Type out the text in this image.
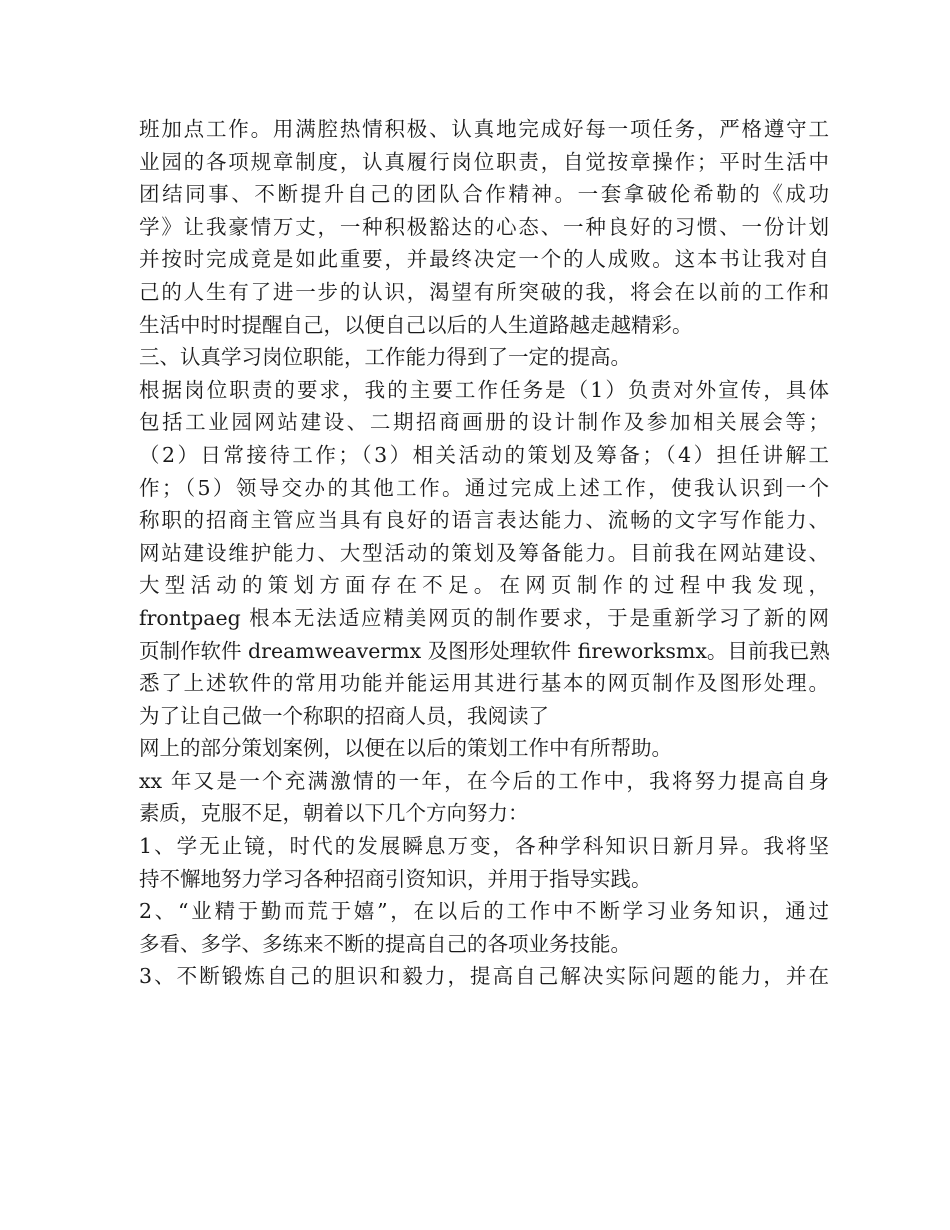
班加点工作。用满腔热情积极、认真地完成好每一项任务，严格遵守工
业园的各项规章制度，认真履行岗位职责，自觉按章操作；平时生活中
团结同事、不断提升自己的团队合作精神。一套拿破伦希勒的《成功
学》让我豪情万丈，一种积极豁达的心态、一种良好的习惯、一份计划
并按时完成竟是如此重要，并最终决定一个的人成败。这本书让我对自
己的人生有了进一步的认识，渴望有所突破的我，将会在以前的工作和
生活中时时提醒自己，以便自己以后的人生道路越走越精彩。
三、认真学习岗位职能，工作能力得到了一定的提高。
根据岗位职责的要求，我的主要工作任务是（1）负责对外宣传，具体
包括工业园网站建设、二期招商画册的设计制作及参加相关展会等；
（2）日常接待工作；（3）相关活动的策划及筹备；（4）担任讲解工
作；（5）领导交办的其他工作。通过完成上述工作，使我认识到一个
称职的招商主管应当具有良好的语言表达能力、流畅的文字写作能力、
网站建设维护能力、大型活动的策划及筹备能力。目前我在网站建设、
大型活动的策划方面存在不足。在网页制作的过程中我发现，
frontpaeg 根本无法适应精美网页的制作要求，于是重新学习了新的网
页制作软件 dreamweavermx 及图形处理软件 fireworksmx。目前我已熟
悉了上述软件的常用功能并能运用其进行基本的网页制作及图形处理。
为了让自己做一个称职的招商人员，我阅读了
网上的部分策划案例，以便在以后的策划工作中有所帮助。
xx 年又是一个充满激情的一年，在今后的工作中，我将努力提高自身
素质，克服不足，朝着以下几个方向努力：
1、学无止镜，时代的发展瞬息万变，各种学科知识日新月异。我将坚
持不懈地努力学习各种招商引资知识，并用于指导实践。
2、“业精于勤而荒于嬉”，在以后的工作中不断学习业务知识，通过
多看、多学、多练来不断的提高自己的各项业务技能。
3、不断锻炼自己的胆识和毅力，提高自己解决实际问题的能力，并在
